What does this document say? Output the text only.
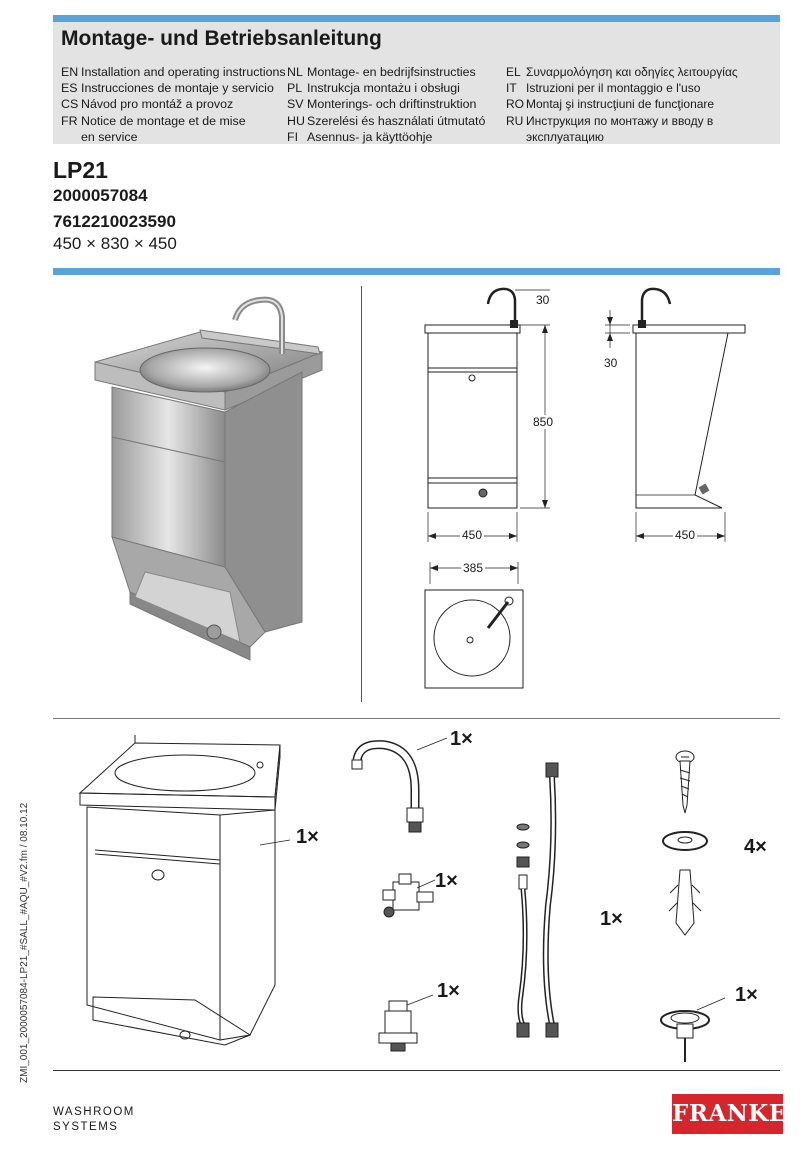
Montage- und Betriebsanleitung
EN Installation and operating instructions
ES Instrucciones de montaje y servicio
CS Návod pro montáž a provoz
FR Notice de montage et de mise
en service
NL Montage- en bedrijfsinstructies
PL Instrukcja montażu i obsługi
SV Monterings- och driftinstruktion
HU Szerelési és használati útmutató
FI Asennus- ja käyttöohje
EL Συναρμολόγηση και οδηγίες λειτουργίας
IT Istruzioni per il montaggio e l'uso
RO Montaj şi instrucţiuni de funcţionare
RU Инструкция по монтажу и вводу в
эксплуатацию
LP21
2000057084
7612210023590
450 × 830 × 450
30
850
450
30
450
385
1×
1×
1×
1×
1×
4×
1×
ZMI_001_2000057084-LP21_#SALL_#AQU_#V2.fm / 08.10.12
WASHROOM
SYSTEMS	FRANKE
